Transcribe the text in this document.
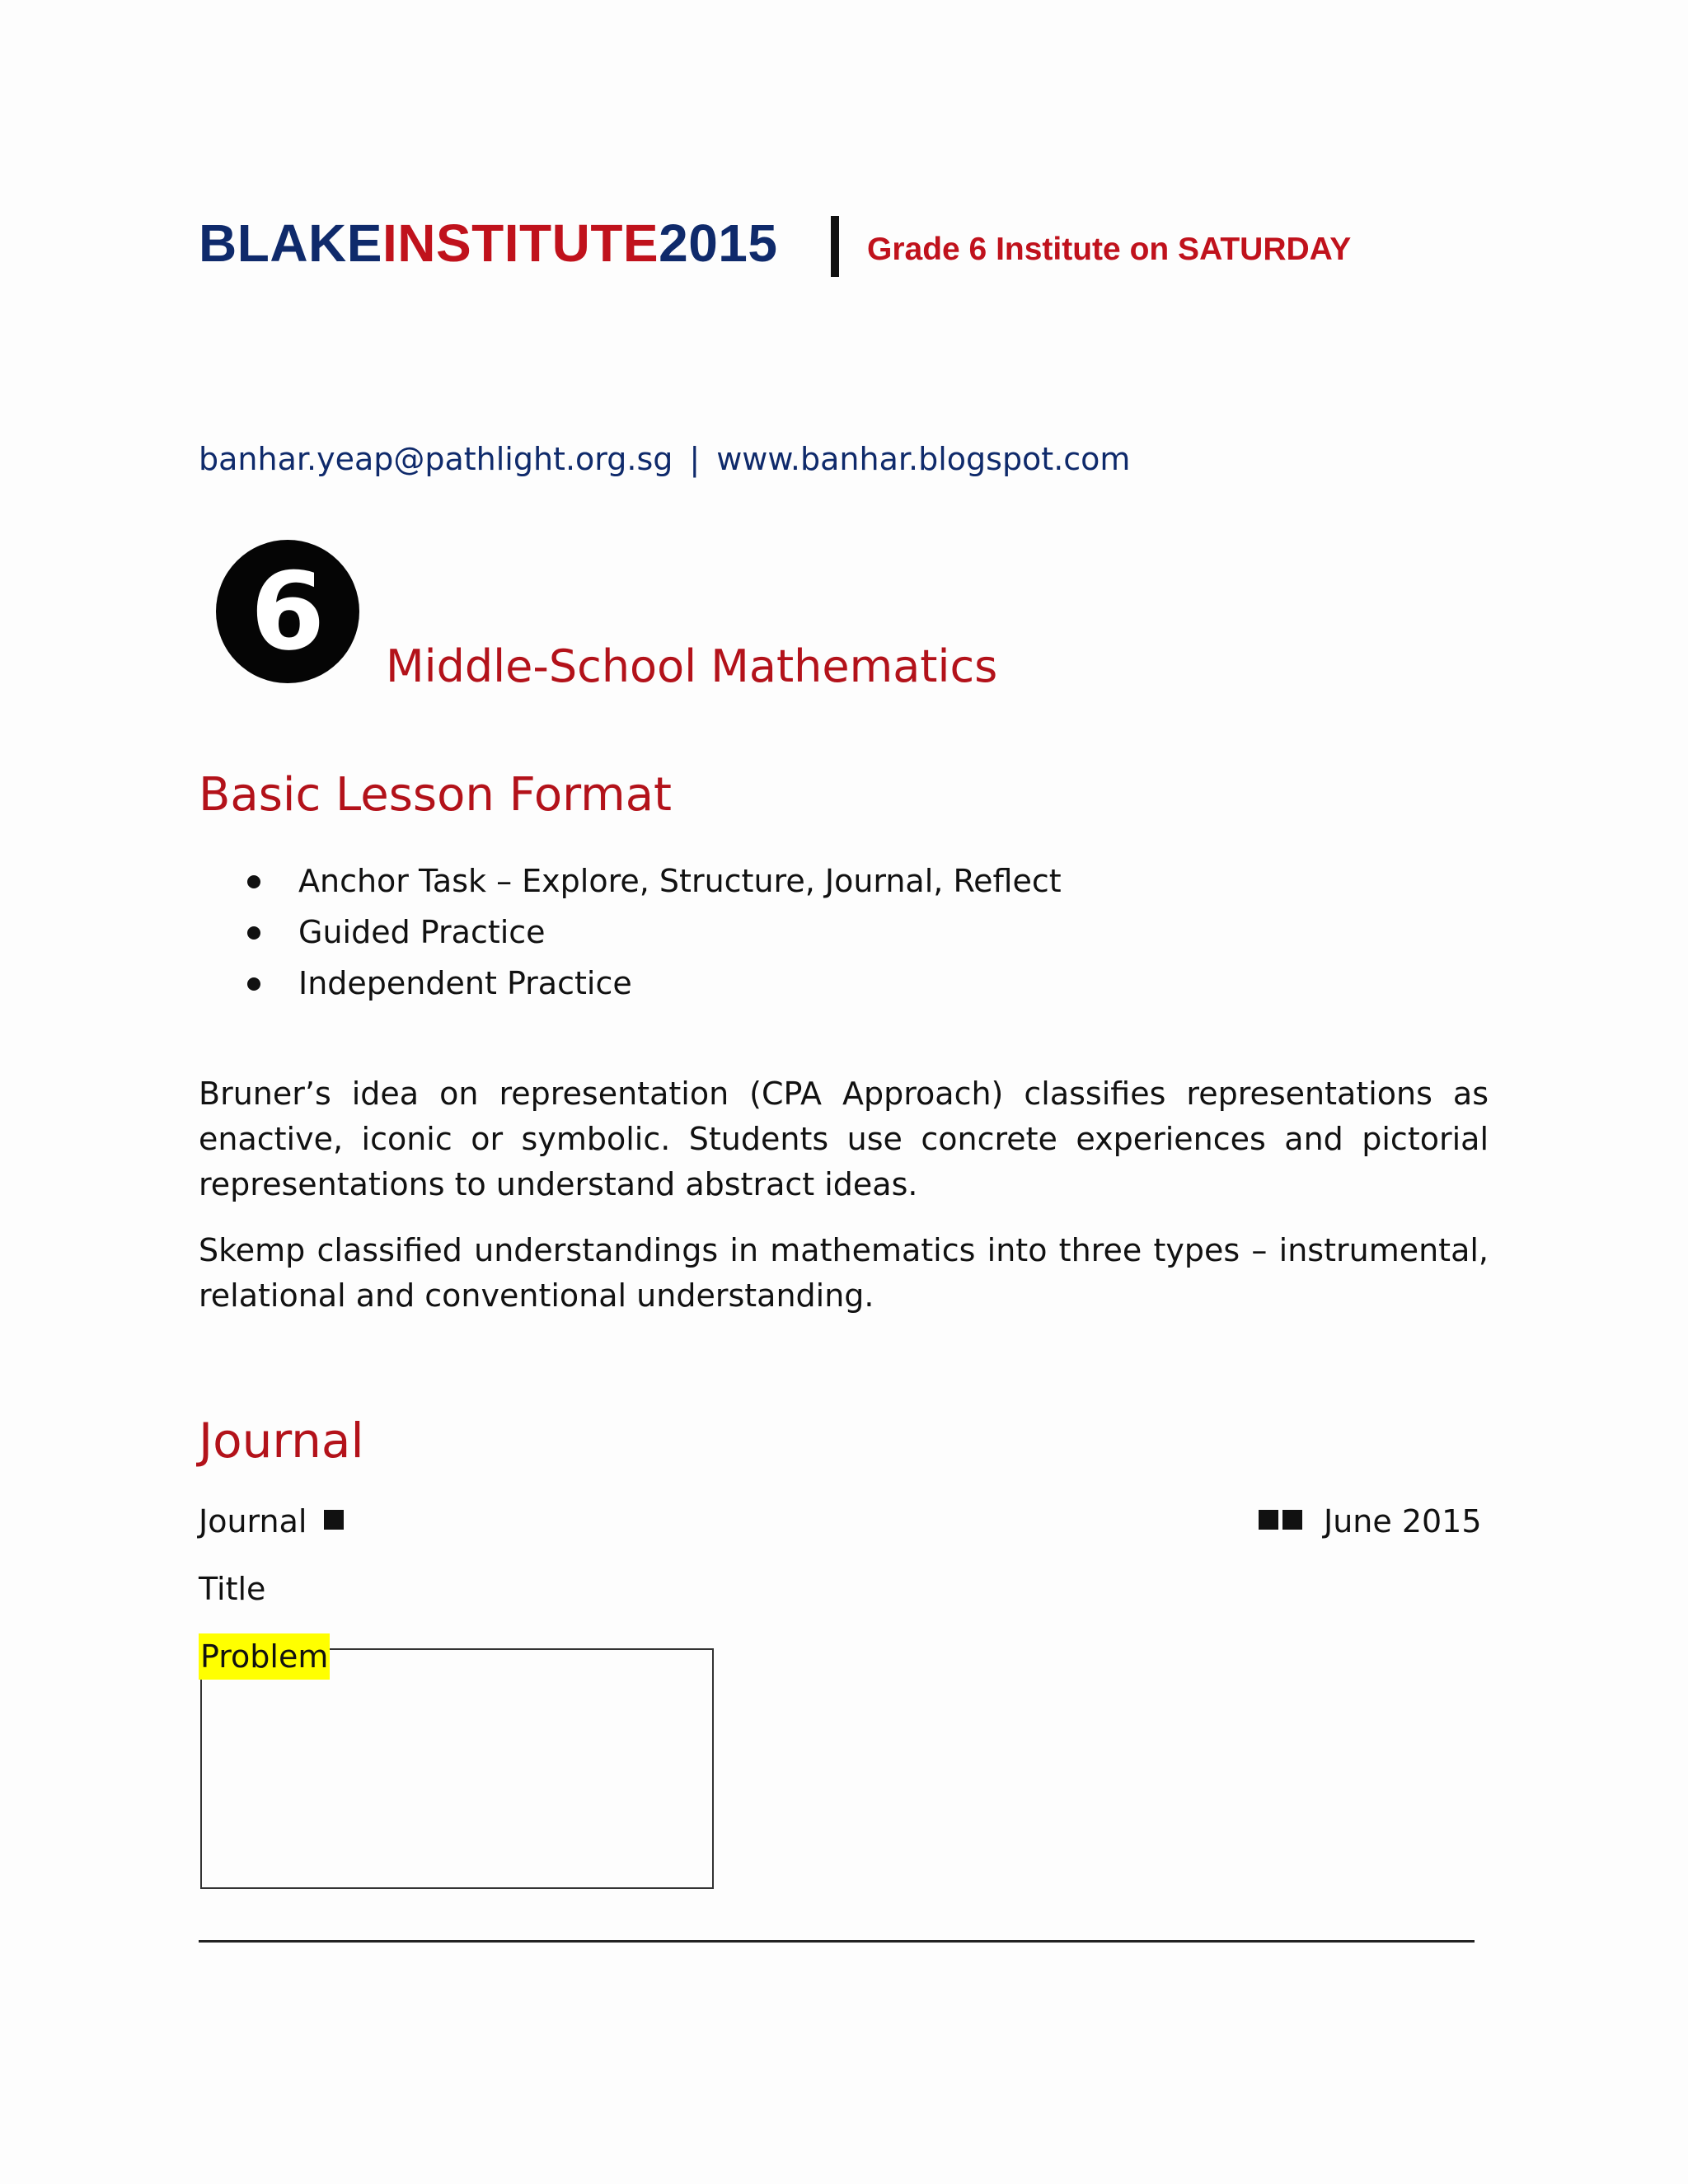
BLAKEINSTITUTE2015	Grade 6 Institute on SATURDAY
banhar.yeap@pathlight.org.sg | www.banhar.blogspot.com
6	Middle-School Mathematics
Basic Lesson Format
Anchor Task – Explore, Structure, Journal, Reflect
Guided Practice
Independent Practice
Bruner’s idea on representation (CPA Approach) classifies representations as enactive, iconic or symbolic. Students use concrete experiences and pictorial representations to understand abstract ideas.
Skemp classified understandings in mathematics into three types – instrumental, relational and conventional understanding.
Journal
Journal	June 2015
Title
Problem
